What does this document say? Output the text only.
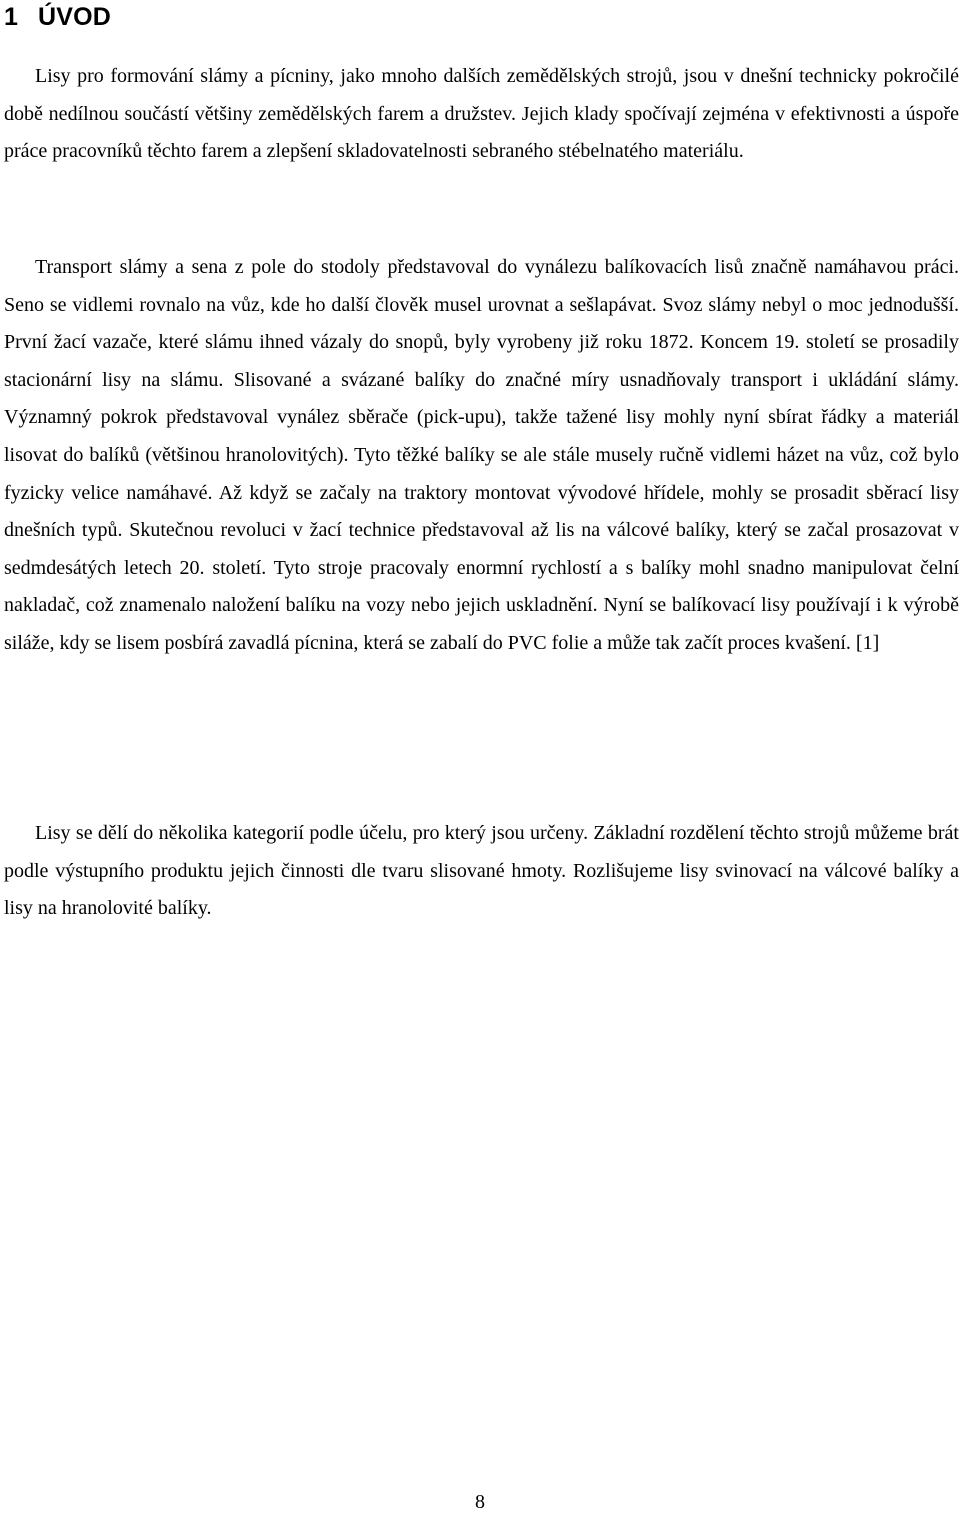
1 ÚVOD

Lisy pro formování slámy a pícniny, jako mnoho dalších zemědělských strojů, jsou v dnešní technicky pokročilé době nedílnou součástí většiny zemědělských farem a družstev. Jejich klady spočívají zejména v efektivnosti a úspoře práce pracovníků těchto farem a zlepšení skladovatelnosti sebraného stébelnatého materiálu.

Transport slámy a sena z pole do stodoly představoval do vynálezu balíkovacích lisů značně namáhavou práci. Seno se vidlemi rovnalo na vůz, kde ho další člověk musel urovnat a sešlapávat. Svoz slámy nebyl o moc jednodušší. První žací vazače, které slámu ihned vázaly do snopů, byly vyrobeny již roku 1872. Koncem 19. století se prosadily stacionární lisy na slámu. Slisované a svázané balíky do značné míry usnadňovaly transport i ukládání slámy. Významný pokrok představoval vynález sběrače (pick-upu), takže tažené lisy mohly nyní sbírat řádky a materiál lisovat do balíků (většinou hranolovitých). Tyto těžké balíky se ale stále musely ručně vidlemi házet na vůz, což bylo fyzicky velice namáhavé. Až když se začaly na traktory montovat vývodové hřídele, mohly se prosadit sběrací lisy dnešních typů. Skutečnou revoluci v žací technice představoval až lis na válcové balíky, který se začal prosazovat v sedmdesátých letech 20. století. Tyto stroje pracovaly enormní rychlostí a s balíky mohl snadno manipulovat čelní nakladač, což znamenalo naložení balíku na vozy nebo jejich uskladnění. Nyní se balíkovací lisy používají i k výrobě siláže, kdy se lisem posbírá zavadlá pícnina, která se zabalí do PVC folie a může tak začít proces kvašení. [1]

Lisy se dělí do několika kategorií podle účelu, pro který jsou určeny. Základní rozdělení těchto strojů můžeme brát podle výstupního produktu jejich činnosti dle tvaru slisované hmoty. Rozlišujeme lisy svinovací na válcové balíky a lisy na hranolovité balíky.

8
